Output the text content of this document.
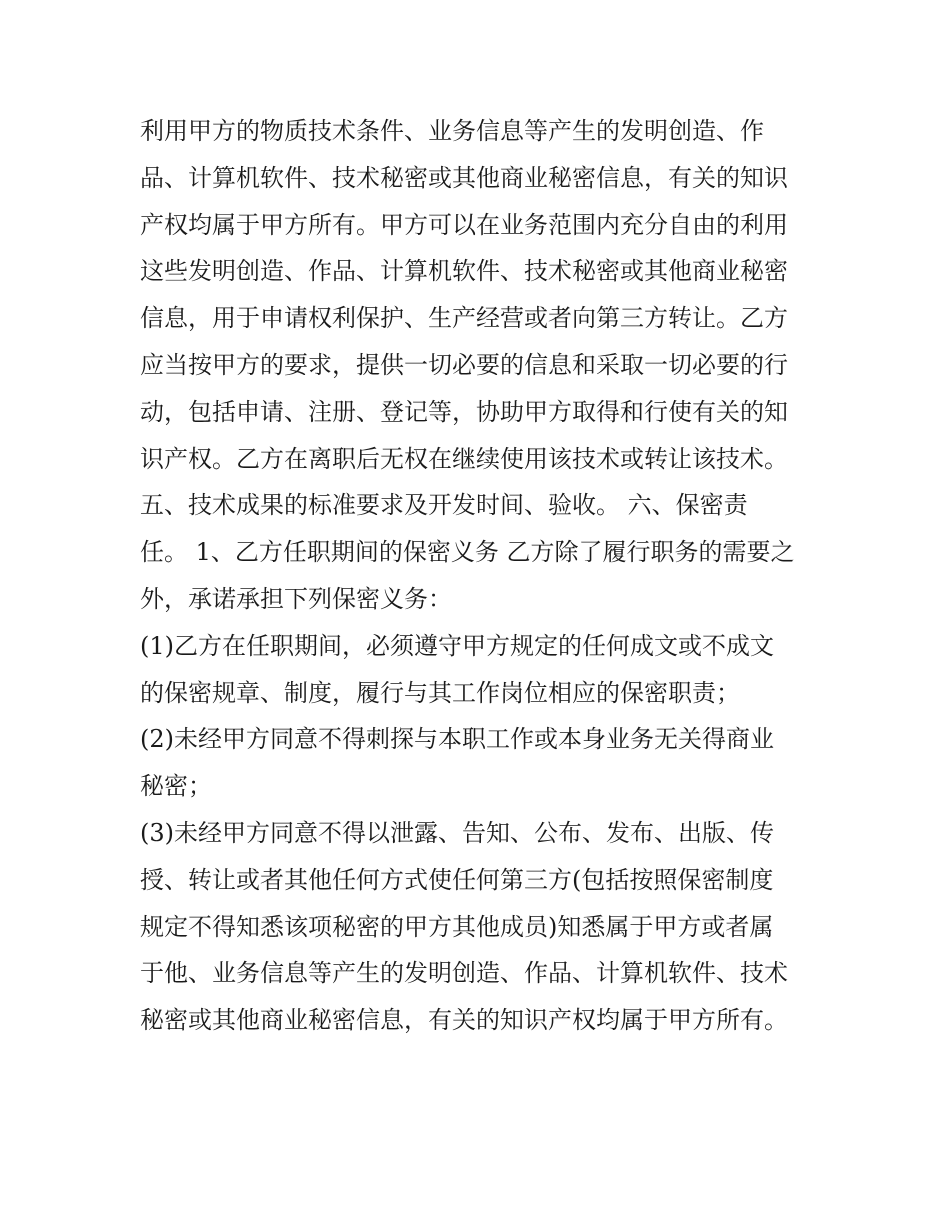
利用甲方的物质技术条件、业务信息等产生的发明创造、作
品、计算机软件、技术秘密或其他商业秘密信息，有关的知识
产权均属于甲方所有。甲方可以在业务范围内充分自由的利用
这些发明创造、作品、计算机软件、技术秘密或其他商业秘密
信息，用于申请权利保护、生产经营或者向第三方转让。乙方
应当按甲方的要求，提供一切必要的信息和采取一切必要的行
动，包括申请、注册、登记等，协助甲方取得和行使有关的知
识产权。乙方在离职后无权在继续使用该技术或转让该技术。
五、技术成果的标准要求及开发时间、验收。 六、保密责
任。 1、乙方任职期间的保密义务 乙方除了履行职务的需要之
外，承诺承担下列保密义务：
(1)乙方在任职期间，必须遵守甲方规定的任何成文或不成文
的保密规章、制度，履行与其工作岗位相应的保密职责；
(2)未经甲方同意不得刺探与本职工作或本身业务无关得商业
秘密；
(3)未经甲方同意不得以泄露、告知、公布、发布、出版、传
授、转让或者其他任何方式使任何第三方(包括按照保密制度
规定不得知悉该项秘密的甲方其他成员)知悉属于甲方或者属
于他、业务信息等产生的发明创造、作品、计算机软件、技术
秘密或其他商业秘密信息，有关的知识产权均属于甲方所有。
